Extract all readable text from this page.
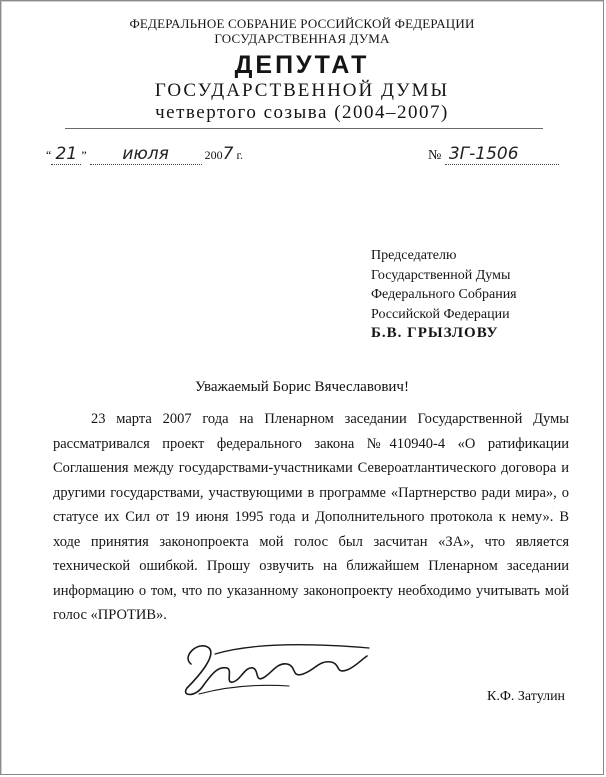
ФЕДЕРАЛЬНОЕ СОБРАНИЕ РОССИЙСКОЙ ФЕДЕРАЦИИ
ГОСУДАРСТВЕННАЯ ДУМА
ДЕПУТАТ
ГОСУДАРСТВЕННОЙ ДУМЫ
четвертого созыва (2004–2007)
“ 21 ” июля	2007 г.	№ 3Г-1506
Председателю
Государственной Думы
Федерального Собрания
Российской Федерации
Б.В. ГРЫЗЛОВУ
Уважаемый Борис Вячеславович!

23 марта 2007 года на Пленарном заседании Государственной Думы рассматривался проект федерального закона №410940-4 «О ратификации Соглашения между государствами-участниками Североатлантического договора и другими государствами, участвующими в программе «Партнерство ради мира», о статусе их Сил от 19 июня 1995 года и Дополнительного протокола к нему». В ходе принятия законопроекта мой голос был засчитан «ЗА», что является технической ошибкой. Прошу озвучить на ближайшем Пленарном заседании информацию о том, что по указанному законопроекту необходимо учитывать мой голос «ПРОТИВ».

К.Ф. Затулин
